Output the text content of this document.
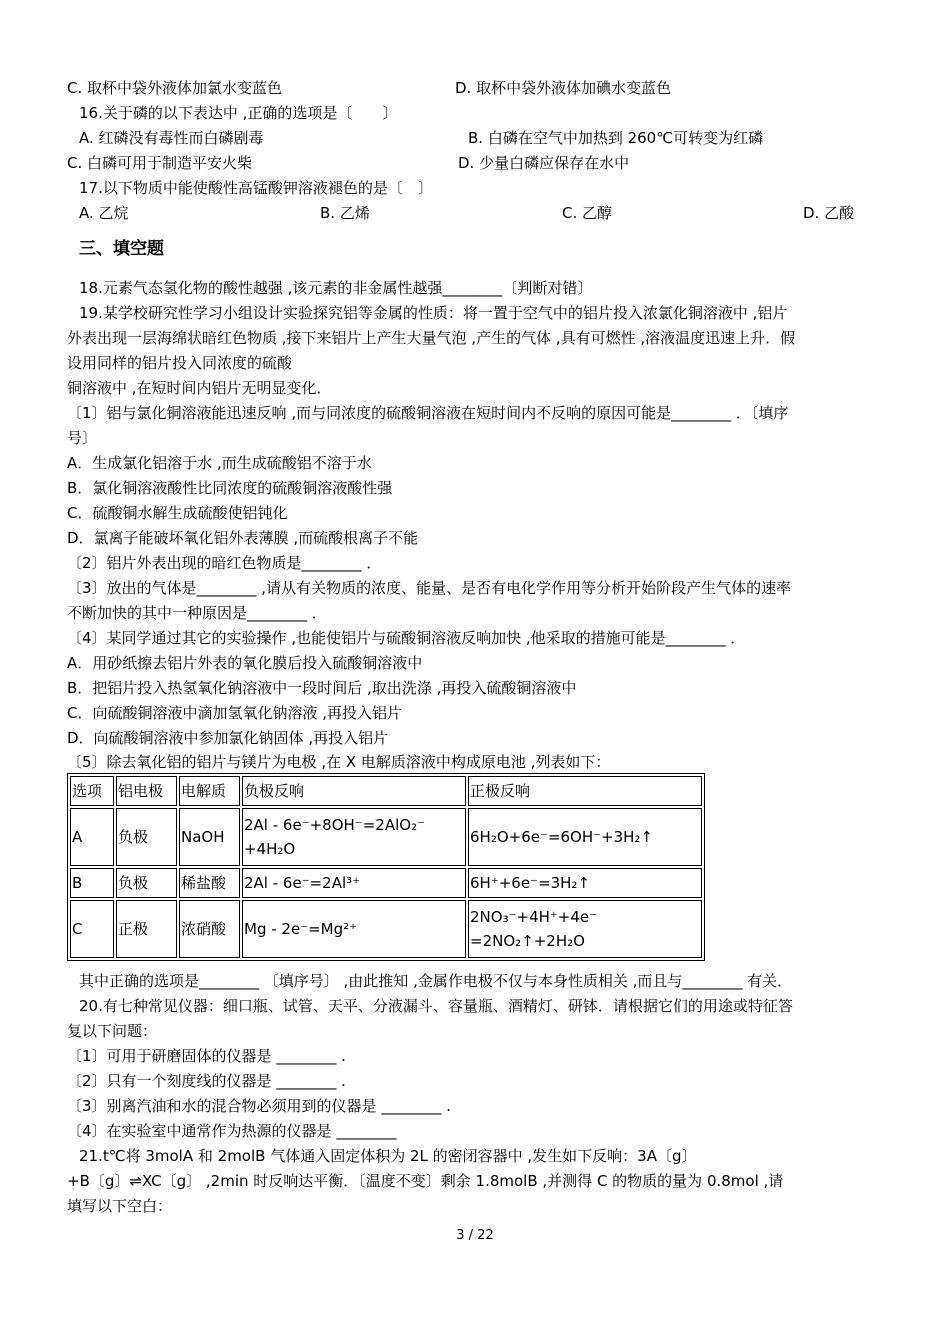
C. 取杯中袋外液体加氯水变蓝色	D. 取杯中袋外液体加碘水变蓝色
16.关于磷的以下表达中 ,正确的选项是〔　　〕
A. 红磷没有毒性而白磷剧毒	B. 白磷在空气中加热到 260℃可转变为红磷
C. 白磷可用于制造平安火柴	D. 少量白磷应保存在水中
17.以下物质中能使酸性高锰酸钾溶液褪色的是〔　〕
A. 乙烷	B. 乙烯	C. 乙醇	D. 乙酸
三、填空题
18.元素气态氢化物的酸性越强 ,该元素的非金属性越强________〔判断对错〕
19.某学校研究性学习小组设计实验探究铝等金属的性质：将一置于空气中的铝片投入浓氯化铜溶液中 ,铝片
外表出现一层海绵状暗红色物质 ,接下来铝片上产生大量气泡 ,产生的气体 ,具有可燃性 ,溶液温度迅速上升．假
设用同样的铝片投入同浓度的硫酸
铜溶液中 ,在短时间内铝片无明显变化．
〔1〕铝与氯化铜溶液能迅速反响 ,而与同浓度的硫酸铜溶液在短时间内不反响的原因可能是________ ．〔填序
号〕
A．生成氯化铝溶于水 ,而生成硫酸铝不溶于水
B．氯化铜溶液酸性比同浓度的硫酸铜溶液酸性强
C．硫酸铜水解生成硫酸使铝钝化
D．氯离子能破坏氧化铝外表薄膜 ,而硫酸根离子不能
〔2〕铝片外表出现的暗红色物质是________ ．
〔3〕放出的气体是________ ,请从有关物质的浓度、能量、是否有电化学作用等分析开始阶段产生气体的速率
不断加快的其中一种原因是________ ．
〔4〕某同学通过其它的实验操作 ,也能使铝片与硫酸铜溶液反响加快 ,他采取的措施可能是________ ．
A．用砂纸擦去铝片外表的氧化膜后投入硫酸铜溶液中
B．把铝片投入热氢氧化钠溶液中一段时间后 ,取出洗涤 ,再投入硫酸铜溶液中
C．向硫酸铜溶液中滴加氢氧化钠溶液 ,再投入铝片
D．向硫酸铜溶液中参加氯化钠固体 ,再投入铝片
〔5〕除去氧化铝的铝片与镁片为电极 ,在 X 电解质溶液中构成原电池 ,列表如下：
选项	铝电极	电解质	负极反响	正极反响
A	负极	NaOH	2Al - 6e⁻+8OH⁻=2AlO₂⁻
+4H₂O	6H₂O+6e⁻=6OH⁻+3H₂↑
B	负极	稀盐酸	2Al - 6e⁻=2Al³⁺	6H⁺+6e⁻=3H₂↑
C	正极	浓硝酸	Mg - 2e⁻=Mg²⁺	2NO₃⁻+4H⁺+4e⁻
=2NO₂↑+2H₂O
其中正确的选项是________ 〔填序号〕 ,由此推知 ,金属作电极不仅与本身性质相关 ,而且与________ 有关．
20.有七种常见仪器：细口瓶、试管、天平、分液漏斗、容量瓶、酒精灯、研钵．请根据它们的用途或特征答
复以下问题：
〔1〕可用于研磨固体的仪器是 ________ .
〔2〕只有一个刻度线的仪器是 ________ .
〔3〕别离汽油和水的混合物必须用到的仪器是 ________ .
〔4〕在实验室中通常作为热源的仪器是 ________
21.t℃将 3molA 和 2molB 气体通入固定体积为 2L 的密闭容器中 ,发生如下反响：3A〔g〕
+B〔g〕⇌XC〔g〕 ,2min 时反响达平衡．〔温度不变〕剩余 1.8molB ,并测得 C 的物质的量为 0.8mol ,请
填写以下空白：
3 / 22
